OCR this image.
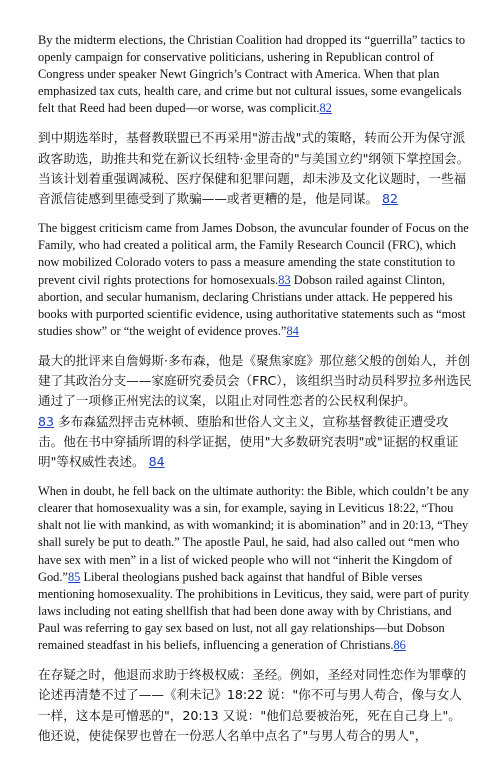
By the midterm elections, the Christian Coalition had dropped its “guerrilla” tactics to openly campaign for conservative politicians, ushering in Republican control of Congress under speaker Newt Gingrich’s Contract with America. When that plan emphasized tax cuts, health care, and crime but not cultural issues, some evangelicals felt that Reed had been duped—or worse, was complicit.82

到中期选举时，基督教联盟已不再采用"游击战"式的策略，转而公开为保守派政客助选，助推共和党在新议长纽特·金里奇的"与美国立约"纲领下掌控国会。当该计划着重强调减税、医疗保健和犯罪问题，却未涉及文化议题时，一些福音派信徒感到里德受到了欺骗——或者更糟的是，他是同谋。 82

The biggest criticism came from James Dobson, the avuncular founder of Focus on the Family, who had created a political arm, the Family Research Council (FRC), which now mobilized Colorado voters to pass a measure amending the state constitution to prevent civil rights protections for homosexuals.83 Dobson railed against Clinton, abortion, and secular humanism, declaring Christians under attack. He peppered his books with purported scientific evidence, using authoritative statements such as “most studies show” or “the weight of evidence proves.”84

最大的批评来自詹姆斯·多布森，他是《聚焦家庭》那位慈父般的创始人，并创建了其政治分支——家庭研究委员会（FRC），该组织当时动员科罗拉多州选民通过了一项修正州宪法的议案，以阻止对同性恋者的公民权利保护。
83 多布森猛烈抨击克林顿、堕胎和世俗人文主义，宣称基督教徒正遭受攻击。他在书中穿插所谓的科学证据，使用"大多数研究表明"或"证据的权重证明"等权威性表述。 84

When in doubt, he fell back on the ultimate authority: the Bible, which couldn’t be any clearer that homosexuality was a sin, for example, saying in Leviticus 18:22, “Thou shalt not lie with mankind, as with womankind; it is abomination” and in 20:13, “They shall surely be put to death.” The apostle Paul, he said, had also called out “men who have sex with men” in a list of wicked people who will not “inherit the Kingdom of God.”85 Liberal theologians pushed back against that handful of Bible verses mentioning homosexuality. The prohibitions in Leviticus, they said, were part of purity laws including not eating shellfish that had been done away with by Christians, and Paul was referring to gay sex based on lust, not all gay relationships—but Dobson remained steadfast in his beliefs, influencing a generation of Christians.86

在存疑之时，他退而求助于终极权威：圣经。例如，圣经对同性恋作为罪孽的论述再清楚不过了——《利未记》18:22 说："你不可与男人苟合，像与女人一样，这本是可憎恶的"，20:13 又说："他们总要被治死，死在自己身上"。他还说，使徒保罗也曾在一份恶人名单中点名了"与男人苟合的男人"，
